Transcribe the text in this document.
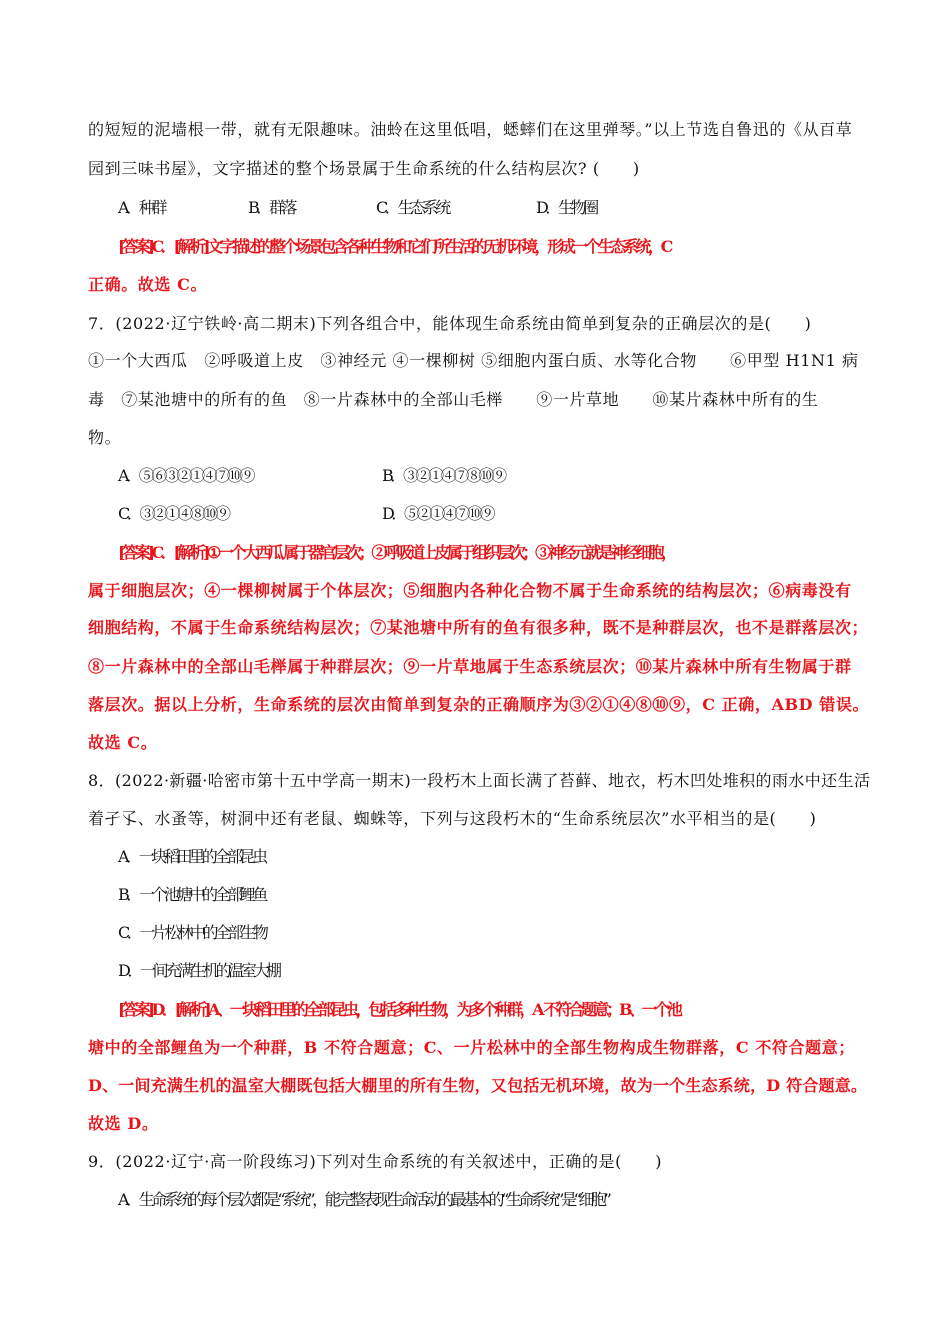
的短短的泥墙根一带，就有无限趣味。油蛉在这里低唱，蟋蟀们在这里弹琴。”以上节选自鲁迅的《从百草
园到三味书屋》，文字描述的整个场景属于生命系统的什么结构层次? (　　)
A．种群	B．群落	C．生态系统	D．生物圈
[答案]C．[解析]文字描述的整个场景包含各种生物和它们所生活的无机环境，形成一个生态系统，C
正确。故选 C。
7．(2022·辽宁铁岭·高二期末)下列各组合中，能体现生命系统由简单到复杂的正确层次的是(　　)
①一个大西瓜　②呼吸道上皮　③神经元 ④一棵柳树 ⑤细胞内蛋白质、水等化合物　　⑥甲型 H1N1 病
毒　⑦某池塘中的所有的鱼　⑧一片森林中的全部山毛榉　　⑨一片草地　　⑩某片森林中所有的生
物。
A．⑤⑥③②①④⑦⑩⑨	B．③②①④⑦⑧⑩⑨
C．③②①④⑧⑩⑨	D．⑤②①④⑦⑩⑨
[答案]C．[解析]①一个大西瓜 属于器官层次；②呼吸道上皮属于组织层次；③神经元就是神经细胞，
属于细胞层次；④一棵柳树属于个体层次；⑤细胞内各种化合物不属于生命系统的结构层次；⑥病毒没有
细胞结构，不属于生命系统结构层次；⑦某池塘中所有的鱼有很多种，既不是种群层次，也不是群落层次；
⑧一片森林中的全部山毛榉属于种群层次；⑨一片草地属于生态系统层次；⑩某片森林中所有生物属于群
落层次。据以上分析，生命系统的层次由简单到复杂的正确顺序为③②①④⑧⑩⑨，C 正确，ABD 错误。
故选 C。
8．(2022·新疆·哈密市第十五中学高一期末)一段朽木上面长满了苔藓、地衣，朽木凹处堆积的雨水中还生活
着孑孓、水蚤等，树洞中还有老鼠、蜘蛛等，下列与这段朽木的“生命系统层次”水平相当的是(　　)
A．一块稻田里的全部昆虫
B．一个池塘中的全部鲤鱼
C．一片松林中的全部生物
D．一间充满生机的温室大棚
[答案]D．[解析]A、一块稻田里的全部昆虫，包括多种生物，为多个种群，A 不符合题意；B、一个池
塘中的全部鲤鱼为一个种群，B 不符合题意；C、一片松林中的全部生物构成生物群落，C 不符合题意；
D、一间充满生机的温室大棚既包括大棚里的所有生物，又包括无机环境，故为一个生态系统，D 符合题意。
故选 D。
9．(2022·辽宁·高一阶段练习)下列对生命系统的有关叙述中，正确的是(　　)
A．生命系统的每个层次都是“系统”，能完整表现生命活动的最基本的“生命系统”是“细胞”
